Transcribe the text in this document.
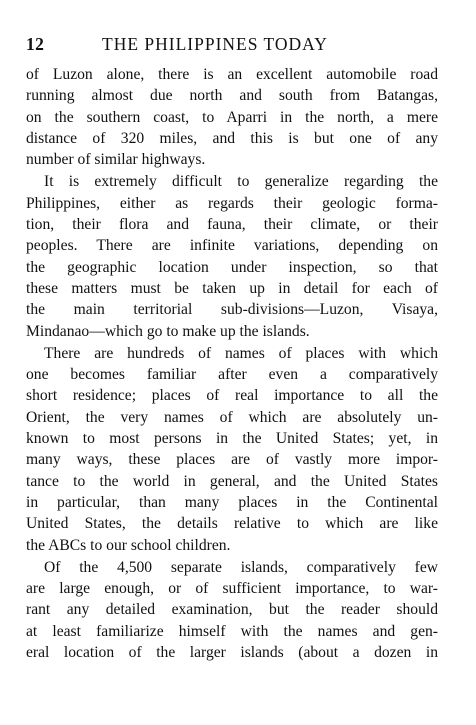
12	THE PHILIPPINES TODAY

of Luzon alone, there is an excellent automobile road
running almost due north and south from Batangas,
on the southern coast, to Aparri in the north, a mere
distance of 320 miles, and this is but one of any
number of similar highways.

It is extremely difficult to generalize regarding the
Philippines, either as regards their geologic forma-
tion, their flora and fauna, their climate, or their
peoples. There are infinite variations, depending on
the geographic location under inspection, so that
these matters must be taken up in detail for each of
the main territorial sub-divisions—Luzon, Visaya,
Mindanao—which go to make up the islands.

There are hundreds of names of places with which
one becomes familiar after even a comparatively
short residence; places of real importance to all the
Orient, the very names of which are absolutely un-
known to most persons in the United States; yet, in
many ways, these places are of vastly more impor-
tance to the world in general, and the United States
in particular, than many places in the Continental
United States, the details relative to which are like
the ABCs to our school children.

Of the 4,500 separate islands, comparatively few
are large enough, or of sufficient importance, to war-
rant any detailed examination, but the reader should
at least familiarize himself with the names and gen-
eral location of the larger islands (about a dozen in
